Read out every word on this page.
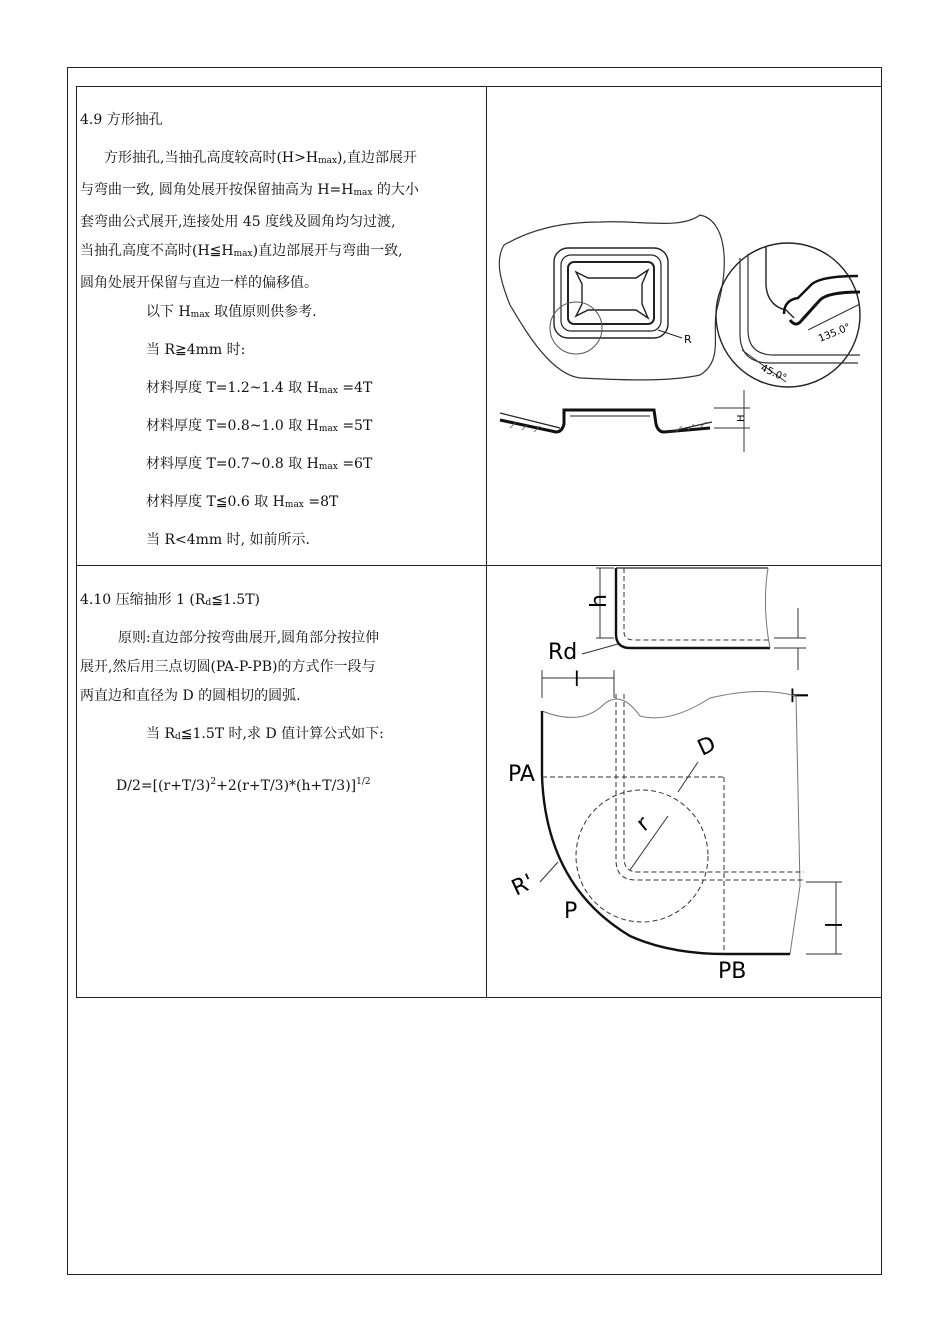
4.9 方形抽孔
方形抽孔,当抽孔高度较高时$(H>H_{max})$,直边部展开
与弯曲一致, 圆角处展开按保留抽高为 $H=H_{max}$ 的大小
套弯曲公式展开,连接处用 45 度线及圆角均匀过渡,
当抽孔高度不高时$(H≦H_{max})$直边部展开与弯曲一致,
圆角处展开保留与直边一样的偏移值。
以下 $H_{max}$ 取值原则供参考.
当 R≧4mm 时:
材料厚度 T=1.2~1.4 取 $H_{max} =4T$
材料厚度 T=0.8~1.0 取 $H_{max} =5T$
材料厚度 T=0.7~0.8 取 $H_{max} =6T$
材料厚度 T≦0.6 取 $H_{max} =8T$
当 R<4mm 时, 如前所示.
R	135.0°
45.0°
H
4.10 压缩抽形 1 $(R_d≦1.5T)$
原则:直边部分按弯曲展开,圆角部分按拉伸
展开,然后用三点切圆(PA-P-PB)的方式作一段与
两直边和直径为 D 的圆相切的圆弧.
当 $R_d≦1.5T$ 时,求 D 值计算公式如下:
$D/2=[(r+T/3)^2+2(r+T/3)*(h+T/3)]^{1/2}$
h
Rd
T
l
PA
D
r
R'
P
l
PB
